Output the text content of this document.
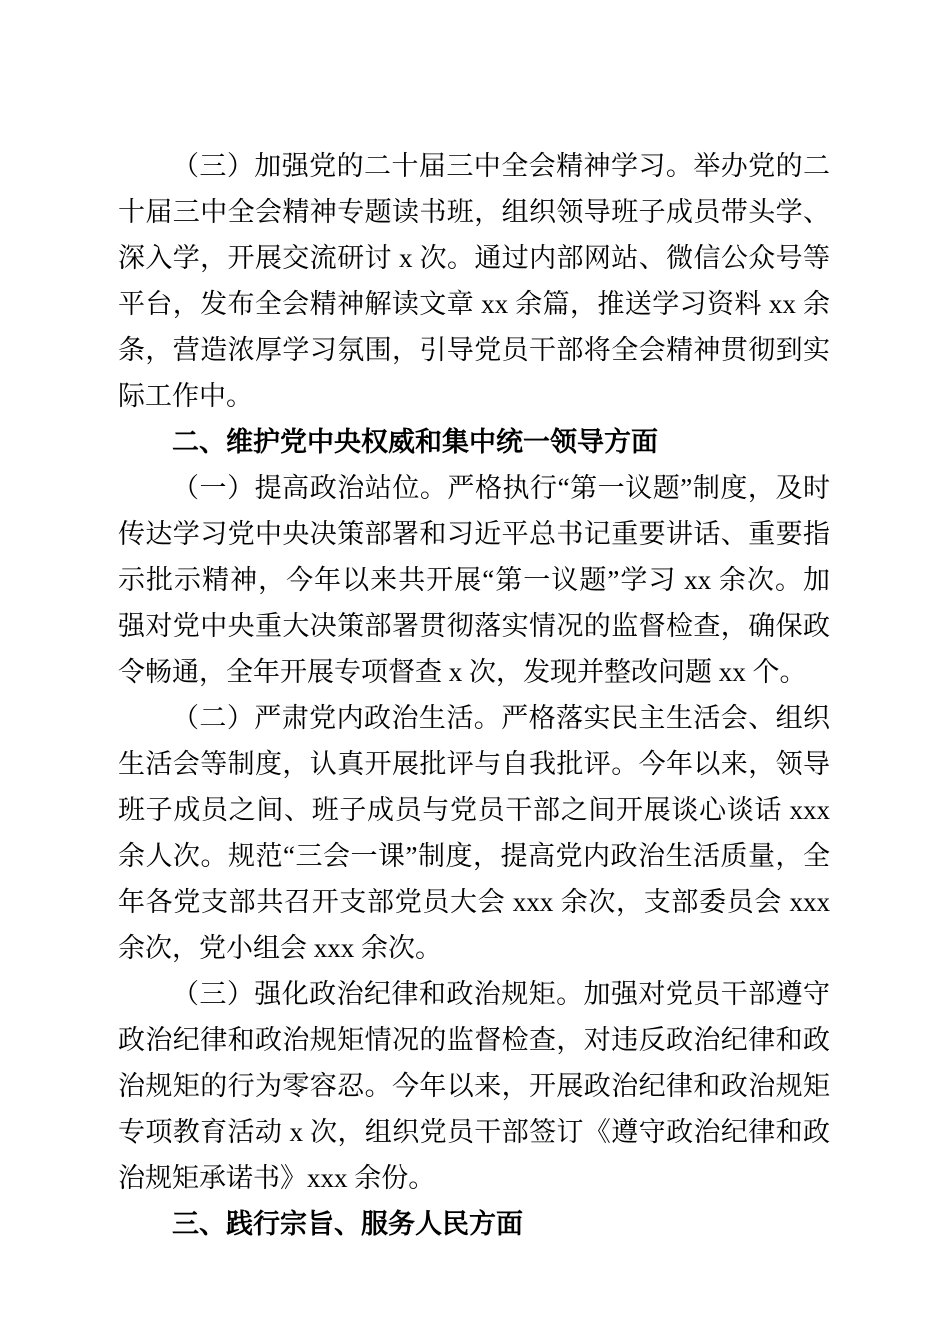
（三）加强党的二十届三中全会精神学习。举办党的二十届三中全会精神专题读书班，组织领导班子成员带头学、深入学，开展交流研讨 x 次。通过内部网站、微信公众号等平台，发布全会精神解读文章 xx 余篇，推送学习资料 xx 余条，营造浓厚学习氛围，引导党员干部将全会精神贯彻到实际工作中。

二、维护党中央权威和集中统一领导方面

（一）提高政治站位。严格执行“第一议题”制度，及时传达学习党中央决策部署和习近平总书记重要讲话、重要指示批示精神，今年以来共开展“第一议题”学习 xx 余次。加强对党中央重大决策部署贯彻落实情况的监督检查，确保政令畅通，全年开展专项督查 x 次，发现并整改问题 xx 个。

（二）严肃党内政治生活。严格落实民主生活会、组织生活会等制度，认真开展批评与自我批评。今年以来，领导班子成员之间、班子成员与党员干部之间开展谈心谈话 xxx 余人次。规范“三会一课”制度，提高党内政治生活质量，全年各党支部共召开支部党员大会 xxx 余次，支部委员会 xxx 余次，党小组会 xxx 余次。

（三）强化政治纪律和政治规矩。加强对党员干部遵守政治纪律和政治规矩情况的监督检查，对违反政治纪律和政治规矩的行为零容忍。今年以来，开展政治纪律和政治规矩专项教育活动 x 次，组织党员干部签订《遵守政治纪律和政治规矩承诺书》xxx 余份。

三、践行宗旨、服务人民方面
